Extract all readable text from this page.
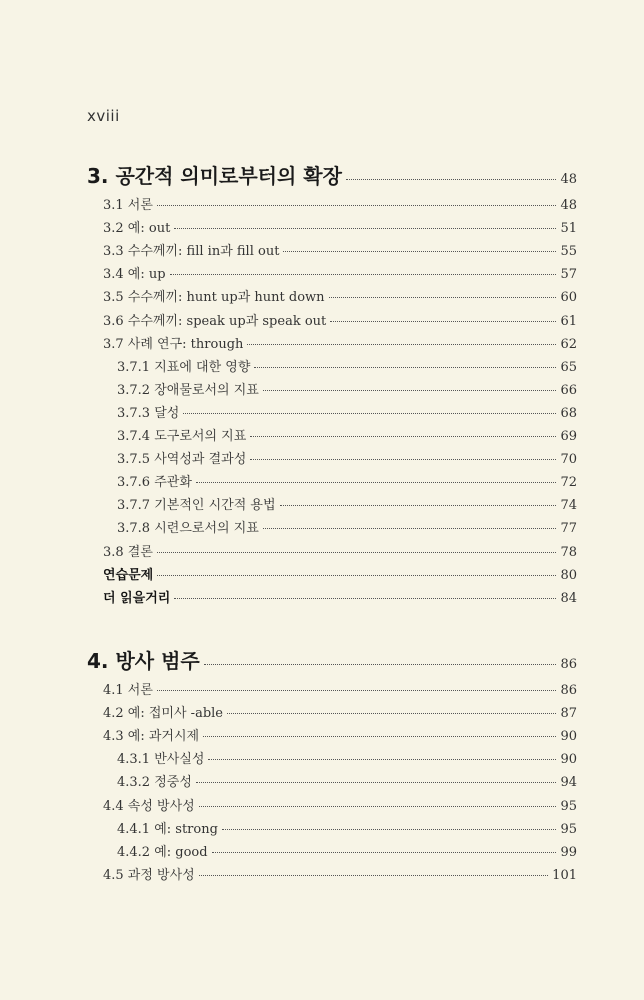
xviii
3. 공간적 의미로부터의 확장	48
3.1 서론	48
3.2 예: out	51
3.3 수수께끼: fill in과 fill out	55
3.4 예: up	57
3.5 수수께끼: hunt up과 hunt down	60
3.6 수수께끼: speak up과 speak out	61
3.7 사례 연구: through	62
3.7.1 지표에 대한 영향	65
3.7.2 장애물로서의 지표	66
3.7.3 달성	68
3.7.4 도구로서의 지표	69
3.7.5 사역성과 결과성	70
3.7.6 주관화	72
3.7.7 기본적인 시간적 용법	74
3.7.8 시련으로서의 지표	77
3.8 결론	78
연습문제	80
더 읽을거리	84
4. 방사 범주	86
4.1 서론	86
4.2 예: 접미사 -able	87
4.3 예: 과거시제	90
4.3.1 반사실성	90
4.3.2 정중성	94
4.4 속성 방사성	95
4.4.1 예: strong	95
4.4.2 예: good	99
4.5 과정 방사성	101
